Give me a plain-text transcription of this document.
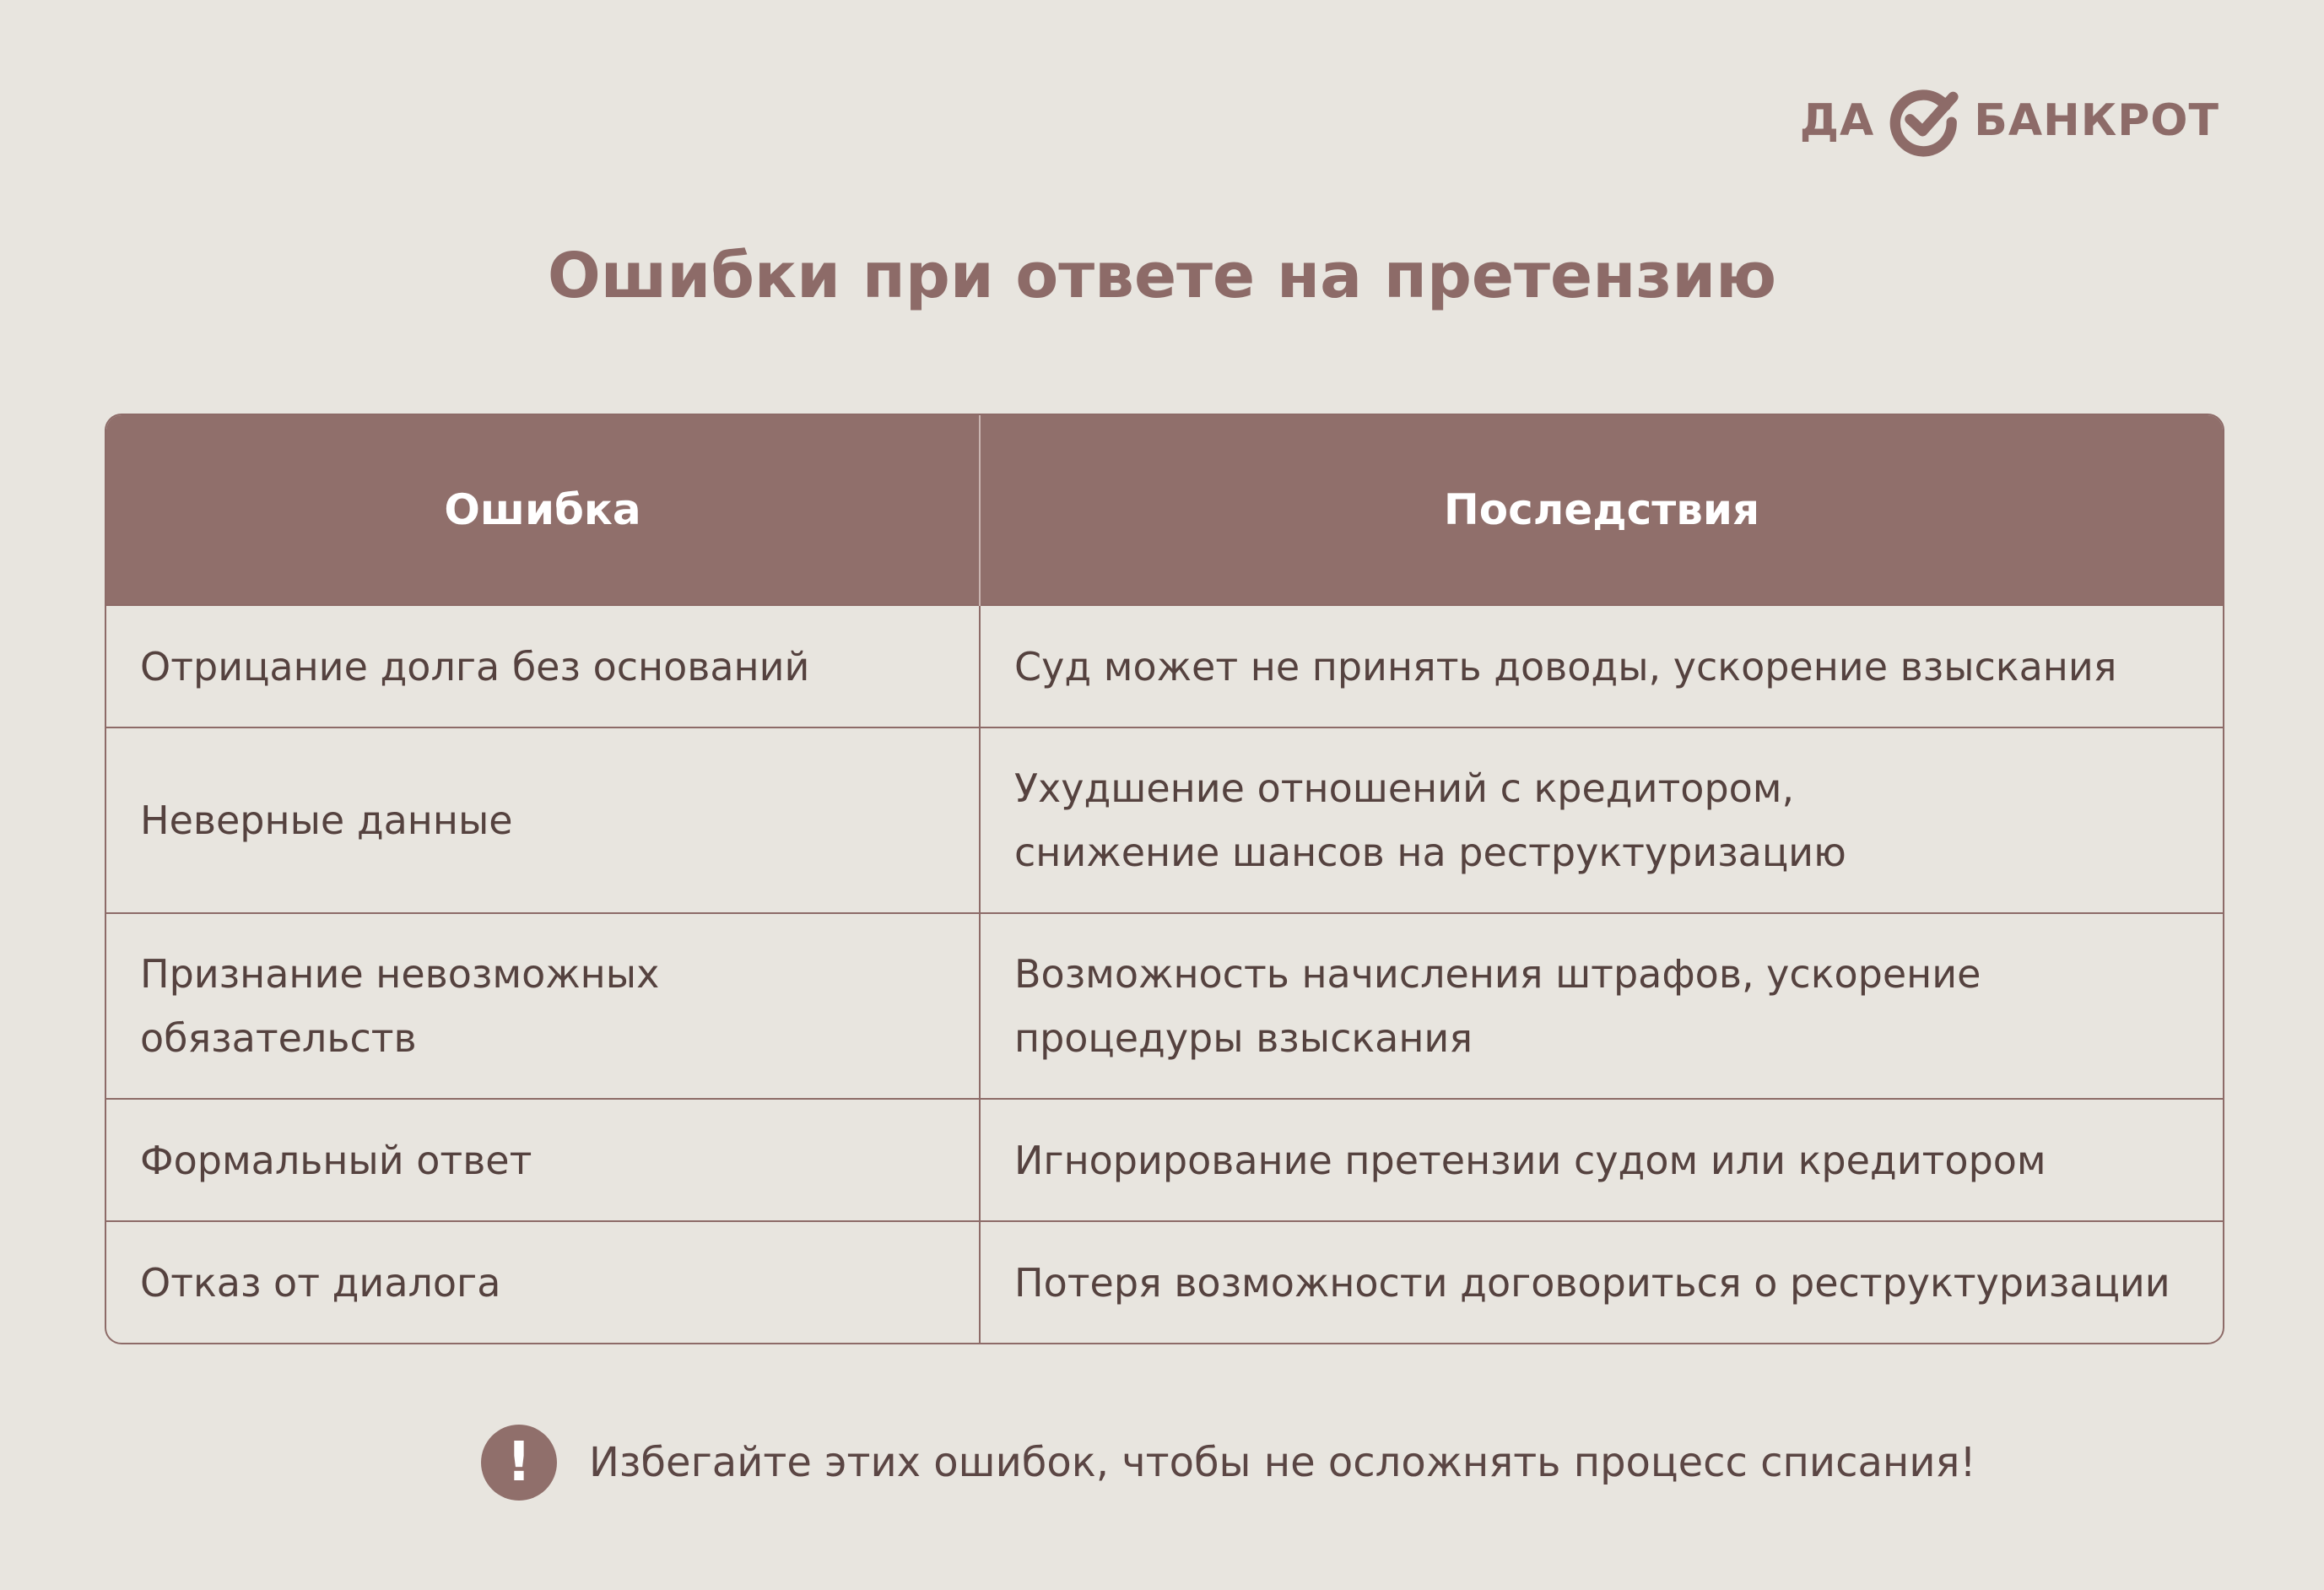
ДА БАНКРОТ
Ошибки при ответе на претензию
Ошибка	Последствия
Отрицание долга без оснований	Суд может не принять доводы, ускорение взыскания
Неверные данные	Ухудшение отношений с кредитором, снижение шансов на реструктуризацию

Признание невозможных обязательств	Возможность начисления штрафов, ускорение процедуры взыскания
Формальный ответ	Игнорирование претензии судом или кредитором
Отказ от диалога	Потеря возможности договориться о реструктуризации
!	Избегайте этих ошибок, чтобы не осложнять процесс списания!
